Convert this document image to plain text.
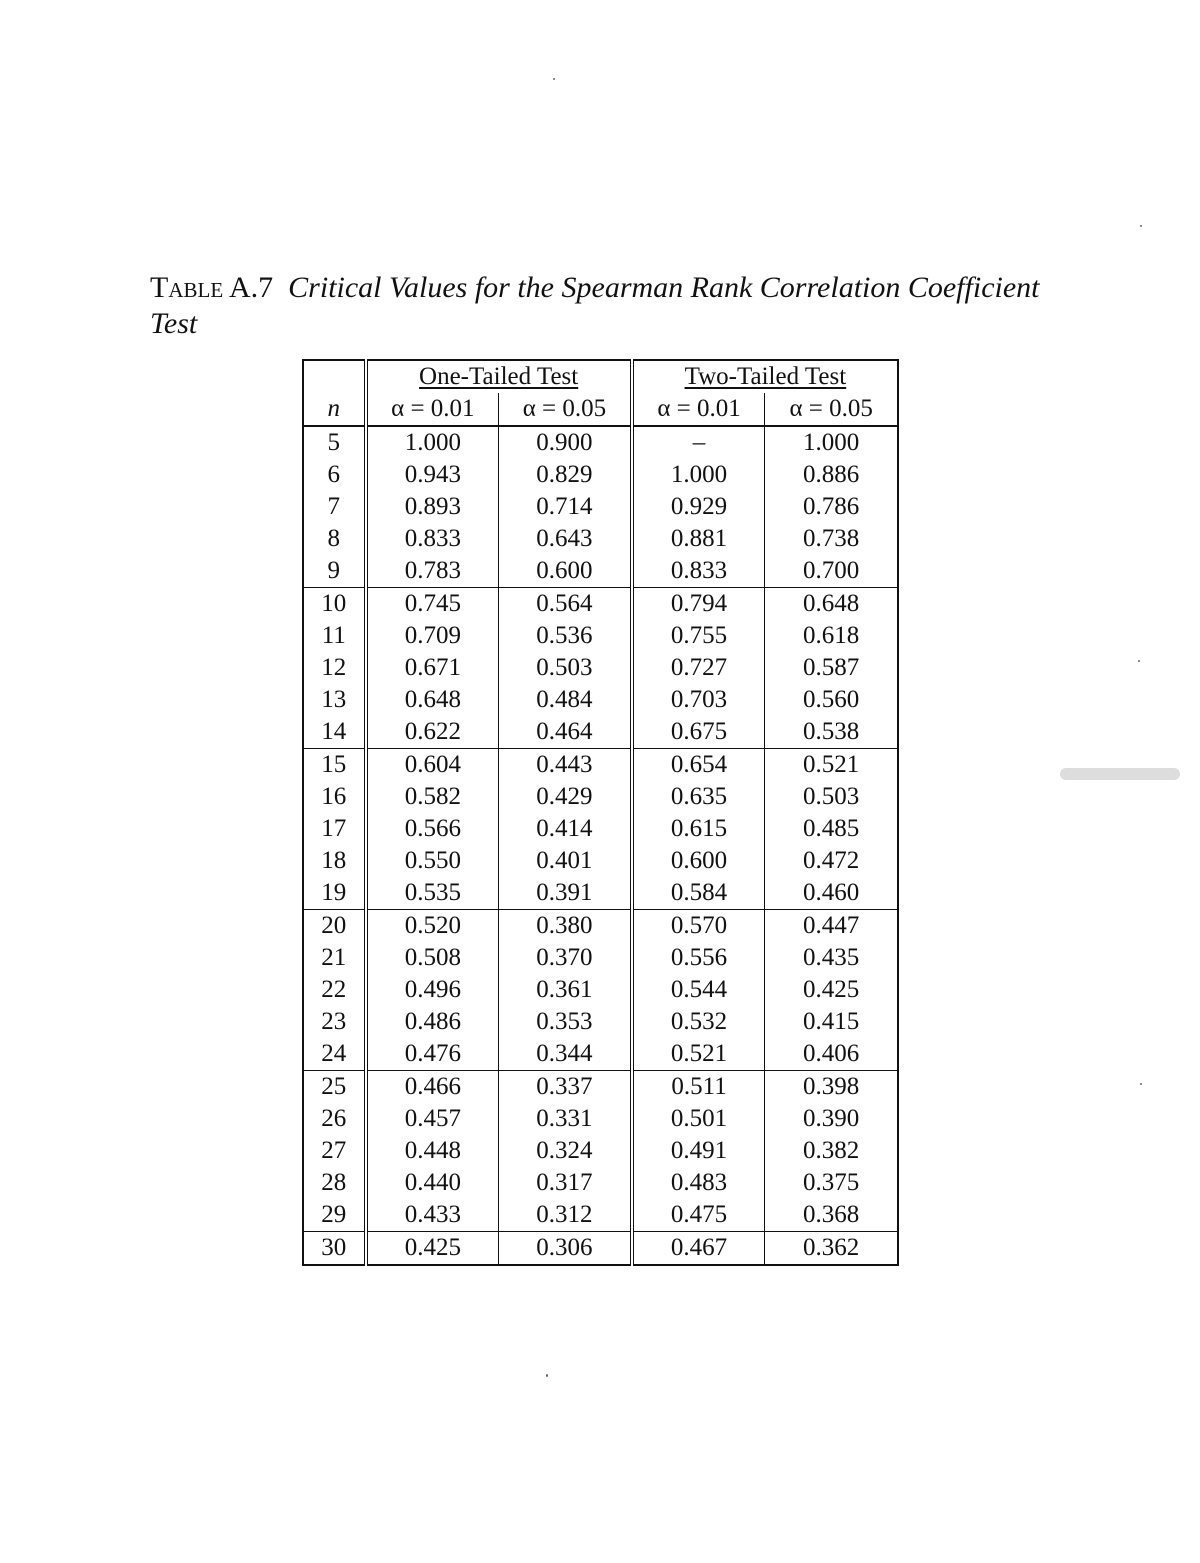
Table A.7 Critical Values for the Spearman Rank Correlation Coefficient Test
	One-Tailed Test		Two-Tailed Test	
n	α = 0.01	α = 0.05	α = 0.01	α = 0.05
5	1.000	0.900	–	1.000
6	0.943	0.829	1.000	0.886
7	0.893	0.714	0.929	0.786
8	0.833	0.643	0.881	0.738
9	0.783	0.600	0.833	0.700
10	0.745	0.564	0.794	0.648
11	0.709	0.536	0.755	0.618
12	0.671	0.503	0.727	0.587
13	0.648	0.484	0.703	0.560
14	0.622	0.464	0.675	0.538
15	0.604	0.443	0.654	0.521
16	0.582	0.429	0.635	0.503
17	0.566	0.414	0.615	0.485
18	0.550	0.401	0.600	0.472
19	0.535	0.391	0.584	0.460
20	0.520	0.380	0.570	0.447
21	0.508	0.370	0.556	0.435
22	0.496	0.361	0.544	0.425
23	0.486	0.353	0.532	0.415
24	0.476	0.344	0.521	0.406
25	0.466	0.337	0.511	0.398
26	0.457	0.331	0.501	0.390
27	0.448	0.324	0.491	0.382
28	0.440	0.317	0.483	0.375
29	0.433	0.312	0.475	0.368
30	0.425	0.306	0.467	0.362
